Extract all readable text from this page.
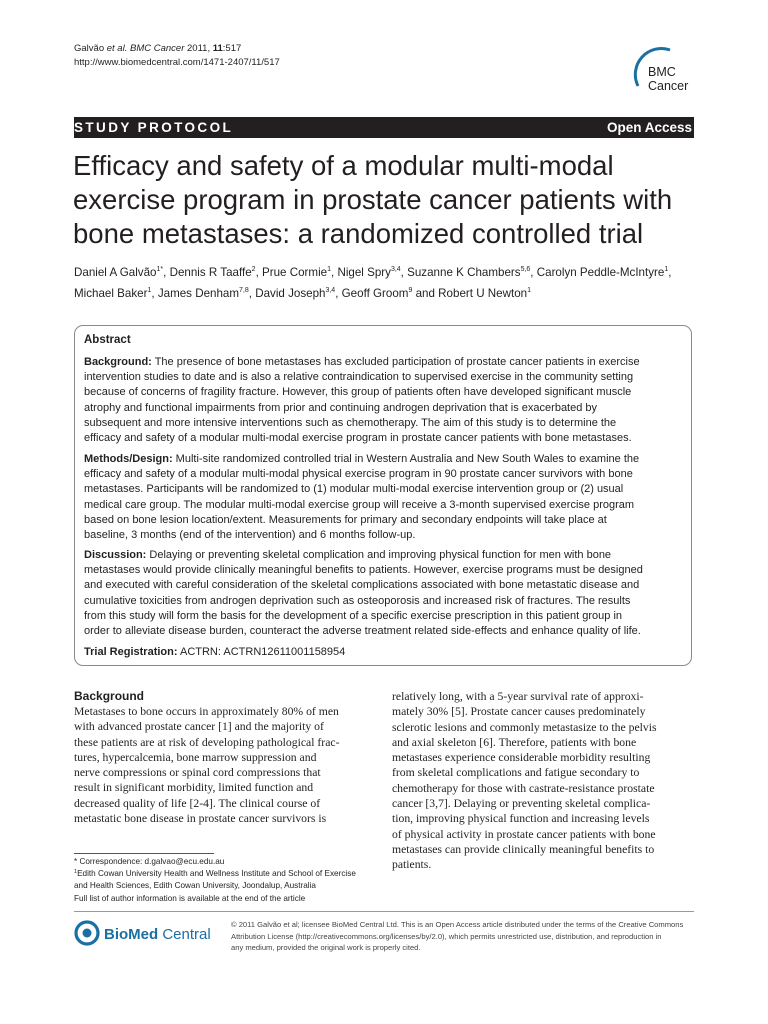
Galvão et al. BMC Cancer 2011, 11:517
http://www.biomedcentral.com/1471-2407/11/517
BMC
Cancer
STUDY PROTOCOL	Open Access
Efficacy and safety of a modular multi-modal
exercise program in prostate cancer patients with
bone metastases: a randomized controlled trial
Daniel A Galvão$^{1*}$, Dennis R Taaffe$^2$, Prue Cormie$^1$, Nigel Spry$^{3,4}$, Suzanne K Chambers$^{5,6}$, Carolyn Peddle-McIntyre$^1$,
Michael Baker$^1$, James Denham$^{7,8}$, David Joseph$^{3,4}$, Geoff Groom$^9$ and Robert U Newton$^1$
Abstract
Background: The presence of bone metastases has excluded participation of prostate cancer patients in exercise
intervention studies to date and is also a relative contraindication to supervised exercise in the community setting
because of concerns of fragility fracture. However, this group of patients often have developed significant muscle
atrophy and functional impairments from prior and continuing androgen deprivation that is exacerbated by
subsequent and more intensive interventions such as chemotherapy. The aim of this study is to determine the
efficacy and safety of a modular multi-modal exercise program in prostate cancer patients with bone metastases.
Methods/Design: Multi-site randomized controlled trial in Western Australia and New South Wales to examine the
efficacy and safety of a modular multi-modal physical exercise program in 90 prostate cancer survivors with bone
metastases. Participants will be randomized to (1) modular multi-modal exercise intervention group or (2) usual
medical care group. The modular multi-modal exercise group will receive a 3-month supervised exercise program
based on bone lesion location/extent. Measurements for primary and secondary endpoints will take place at
baseline, 3 months (end of the intervention) and 6 months follow-up.
Discussion: Delaying or preventing skeletal complication and improving physical function for men with bone
metastases would provide clinically meaningful benefits to patients. However, exercise programs must be designed
and executed with careful consideration of the skeletal complications associated with bone metastatic disease and
cumulative toxicities from androgen deprivation such as osteoporosis and increased risk of fractures. The results
from this study will form the basis for the development of a specific exercise prescription in this patient group in
order to alleviate disease burden, counteract the adverse treatment related side-effects and enhance quality of life.
Trial Registration: ACTRN: ACTRN12611001158954
Background
Metastases to bone occurs in approximately 80% of men
with advanced prostate cancer [1] and the majority of
these patients are at risk of developing pathological frac-
tures, hypercalcemia, bone marrow suppression and
nerve compressions or spinal cord compressions that
result in significant morbidity, limited function and
decreased quality of life [2-4]. The clinical course of
metastatic bone disease in prostate cancer survivors is
relatively long, with a 5-year survival rate of approxi-
mately 30% [5]. Prostate cancer causes predominately
sclerotic lesions and commonly metastasize to the pelvis
and axial skeleton [6]. Therefore, patients with bone
metastases experience considerable morbidity resulting
from skeletal complications and fatigue secondary to
chemotherapy for those with castrate-resistance prostate
cancer [3,7]. Delaying or preventing skeletal complica-
tion, improving physical function and increasing levels
of physical activity in prostate cancer patients with bone
metastases can provide clinically meaningful benefits to
patients.
* Correspondence: d.galvao@ecu.edu.au
$^1$Edith Cowan University Health and Wellness Institute and School of Exercise
and Health Sciences, Edith Cowan University, Joondalup, Australia
Full list of author information is available at the end of the article
BioMed Central
© 2011 Galvão et al; licensee BioMed Central Ltd. This is an Open Access article distributed under the terms of the Creative Commons
Attribution License (http://creativecommons.org/licenses/by/2.0), which permits unrestricted use, distribution, and reproduction in
any medium, provided the original work is properly cited.
